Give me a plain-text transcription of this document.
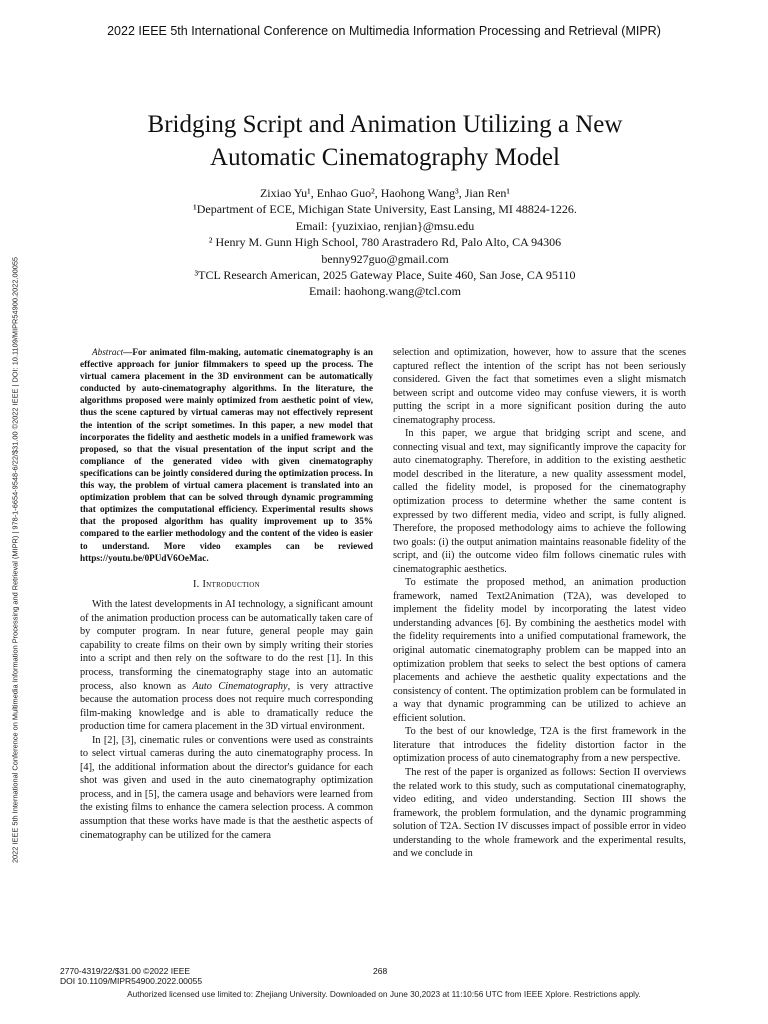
2022 IEEE 5th International Conference on Multimedia Information Processing and Retrieval (MIPR)
2022 IEEE 5th International Conference on Multimedia Information Processing and Retrieval (MIPR) | 978-1-6654-9548-6/22/$31.00 ©2022 IEEE | DOI: 10.1109/MIPR54900.2022.00055
Bridging Script and Animation Utilizing a New
Automatic Cinematography Model
Zixiao Yu¹, Enhao Guo², Haohong Wang³, Jian Ren¹
¹Department of ECE, Michigan State University, East Lansing, MI 48824-1226.
Email: {yuzixiao, renjian}@msu.edu
² Henry M. Gunn High School, 780 Arastradero Rd, Palo Alto, CA 94306
benny927guo@gmail.com
³TCL Research American, 2025 Gateway Place, Suite 460, San Jose, CA 95110
Email: haohong.wang@tcl.com

Abstract—For animated film-making, automatic cinematography is an effective approach for junior filmmakers to speed up the process. The virtual camera placement in the 3D environment can be automatically conducted by auto-cinematography algorithms. In the literature, the algorithms proposed were mainly optimized from aesthetic point of view, thus the scene captured by virtual cameras may not effectively represent the intention of the script sometimes. In this paper, a new model that incorporates the fidelity and aesthetic models in a unified framework was proposed, so that the visual presentation of the input script and the compliance of the generated video with given cinematography specifications can be jointly considered during the optimization process. In this way, the problem of virtual camera placement is translated into an optimization problem that can be solved through dynamic programming that optimizes the computational efficiency. Experimental results shows that the proposed algorithm has quality improvement up to 35% compared to the earlier methodology and the content of the video is easier to understand. More video examples can be reviewed https://youtu.be/0PUdV6OeMac.

I. Introduction

With the latest developments in AI technology, a significant amount of the animation production process can be automatically taken care of by computer program. In near future, general people may gain capability to create films on their own by simply writing their stories into a script and then rely on the software to do the rest [1]. In this process, transforming the cinematography stage into an automatic process, also known as Auto Cinematography, is very attractive because the automation process does not require much corresponding film-making knowledge and is able to dramatically reduce the production time for camera placement in the 3D virtual environment.

In [2], [3], cinematic rules or conventions were used as constraints to select virtual cameras during the auto cinematography process. In [4], the additional information about the director's guidance for each shot was given and used in the auto cinematography optimization process, and in [5], the camera usage and behaviors were learned from the existing films to enhance the camera selection process. A common assumption that these works have made is that the aesthetic aspects of cinematography can be utilized for the camera

selection and optimization, however, how to assure that the scenes captured reflect the intention of the script has not been seriously considered. Given the fact that sometimes even a slight mismatch between script and outcome video may confuse viewers, it is worth putting the script in a more significant position during the auto cinematography process.

In this paper, we argue that bridging script and scene, and connecting visual and text, may significantly improve the capacity for auto cinematography. Therefore, in addition to the existing aesthetic model described in the literature, a new quality assessment model, called the fidelity model, is proposed for the cinematography optimization process to determine whether the same content is expressed by two different media, video and script, is fully aligned. Therefore, the proposed methodology aims to achieve the following two goals: (i) the output animation maintains reasonable fidelity of the script, and (ii) the outcome video film follows cinematic rules with cinematographic aesthetics.

To estimate the proposed method, an animation production framework, named Text2Animation (T2A), was developed to implement the fidelity model by incorporating the latest video understanding advances [6]. By combining the aesthetics model with the fidelity requirements into a unified computational framework, the original automatic cinematography problem can be mapped into an optimization problem that seeks to select the best options of camera placements and achieve the aesthetic quality expectations and the consistency of content. The optimization problem can be formulated in a way that dynamic programming can be utilized to achieve an efficient solution.

To the best of our knowledge, T2A is the first framework in the literature that introduces the fidelity distortion factor in the optimization process of auto cinematography from a new perspective.

The rest of the paper is organized as follows: Section II overviews the related work to this study, such as computational cinematography, video editing, and video understanding. Section III shows the framework, the problem formulation, and the dynamic programming solution of T2A. Section IV discusses impact of possible error in video understanding to the whole framework and the experimental results, and we conclude in

2770-4319/22/$31.00 ©2022 IEEE
DOI 10.1109/MIPR54900.2022.00055
268
Authorized licensed use limited to: Zhejiang University. Downloaded on June 30,2023 at 11:10:56 UTC from IEEE Xplore. Restrictions apply.
